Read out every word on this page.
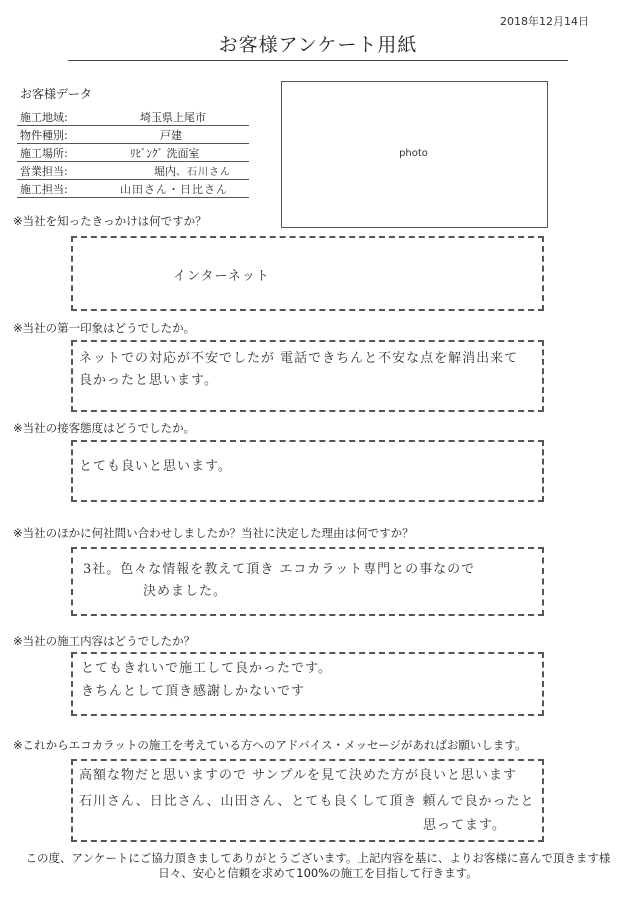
2018年12月14日
お客様アンケート用紙
お客様データ
施工地域:	埼玉県上尾市
物件種別:	戸建
施工場所:	ﾘﾋﾞﾝｸﾞ 洗面室
営業担当:	堀内、石川さん
施工担当:	山田さん・日比さん
photo
※当社を知ったきっかけは何ですか？
インターネット
※当社の第一印象はどうでしたか。
ネットでの対応が不安でしたが 電話できちんと不安な点を解消出来て
良かったと思います。
※当社の接客態度はどうでしたか。
とても良いと思います。
※当社のほかに何社問い合わせしましたか？当社に決定した理由は何ですか？
3社。色々な情報を教えて頂き エコカラット専門との事なので
決めました。
※当社の施工内容はどうでしたか？
とてもきれいで施工して良かったです。
きちんとして頂き感謝しかないです
※これからエコカラットの施工を考えている方へのアドバイス・メッセージがあればお願いします。
高額な物だと思いますので サンプルを見て決めた方が良いと思います
石川さん、日比さん、山田さん、とても良くして頂き 頼んで良かったと
思ってます。
この度、アンケートにご協力頂きましてありがとうございます。上記内容を基に、よりお客様に喜んで頂きます様
日々、安心と信頼を求めて100%の施工を目指して行きます。
